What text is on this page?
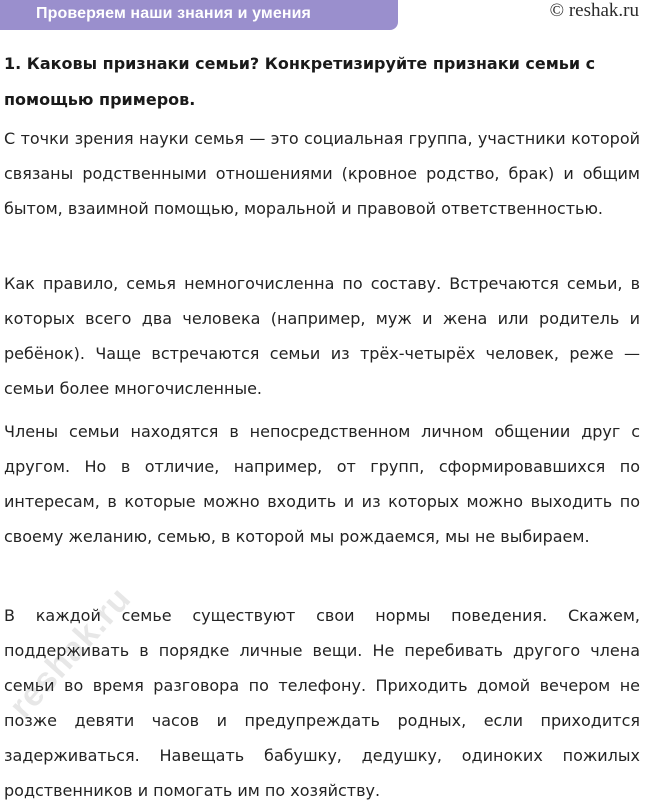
Проверяем наши знания и умения	© reshak.ru
1. Каковы признаки семьи? Конкретизируйте признаки семьи с помощью примеров.
С точки зрения науки семья — это социальная группа, участники которой связаны родственными отношениями (кровное родство, брак) и общим бытом, взаимной помощью, моральной и правовой ответственностью.
Как правило, семья немногочисленна по составу. Встречаются семьи, в которых всего два человека (например, муж и жена или родитель и ребёнок). Чаще встречаются семьи из трёх-четырёх человек, реже — семьи более многочисленные.
Члены семьи находятся в непосредственном личном общении друг с другом. Но в отличие, например, от групп, сформировавшихся по интересам, в которые можно входить и из которых можно выходить по своему желанию, семью, в которой мы рождаемся, мы не выбираем.
В каждой семье существуют свои нормы поведения. Скажем, поддерживать в порядке личные вещи. Не перебивать другого члена семьи во время разговора по телефону. Приходить домой вечером не позже девяти часов и предупреждать родных, если приходится задерживаться. Навещать бабушку, дедушку, одиноких пожилых родственников и помогать им по хозяйству.
reshak.ru
